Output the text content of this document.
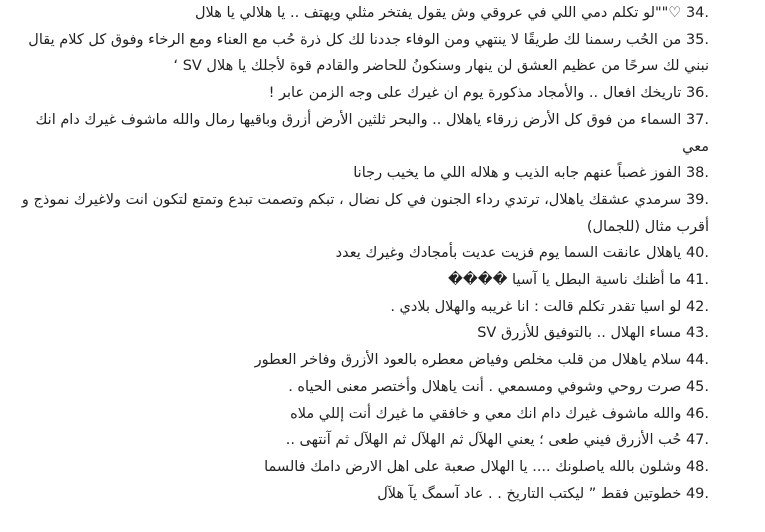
34. ♡""لو تكلم دمي اللي في عروقي وش يقول يفتخر مثلي ويهتف .. يا هلالي يا هلال
35. من الحُب رسمنا لك طريقًا لا ينتهي ومن الوفاء جددنا لك كل ذرة حُب مع العناء ومع الرخاء وفوق كل كلام يقال نبني لك سرحًا من عظيم العشق لن ينهار وسنكونُ للحاضر والقادم قوة لأجلك يا هلال SV ‘
36. تاريخك افعال .. والأمجاد مذكورة يوم ان غيرك على وجه الزمن عابر !
37. السماء من فوق كل الأرض زرقاء ياهلال .. والبحر ثلثين الأرض أزرق وباقيها رمال والله ماشوف غيرك دام انك معي
38. الفوز غصباً عنهم جابه الذيب و هلاله اللي ما يخيب رجانا
39. سرمدي عشقك ياهلال، ترتدي رداء الجنون في كل نضال ، تبكم وتصمت تبدع وتمتع لتكون انت ولاغيرك نموذج و أقرب مثال (للجمال)
40. ياهلال عانقت السما يوم فزيت عديت بأمجادك وغيرك يعدد
41. ما أظنك ناسية البطل يا آسيا ����
42. لو اسيا تقدر تكلم قالت : انا غريبه والهلال بلادي .
43. مساء الهلال .. بالتوفيق للأزرق SV
44. سلام ياهلال من قلب مخلص وفياض معطره بالعود الأزرق وفاخر العطور
45. صرت روحي وشوفي ومسمعي . أنت ياهلال وأختصر معنى الحياه .
46. والله ماشوف غيرك دام انك معي و خافقي ما غيرك أنت إللي ملاه
47. حُب الأزرق فيني طعى ؛ يعني الهلآل ثم الهلآل ثم الهلآل ثم آنتهى ..
48. وشلون بالله ياصلونك .... يا الهلال صعبة على اهل الارض دامك فالسما
49. خطوتين فقط ” ليكتب التاريخ . . عاد آسمگ يآ هلآل
